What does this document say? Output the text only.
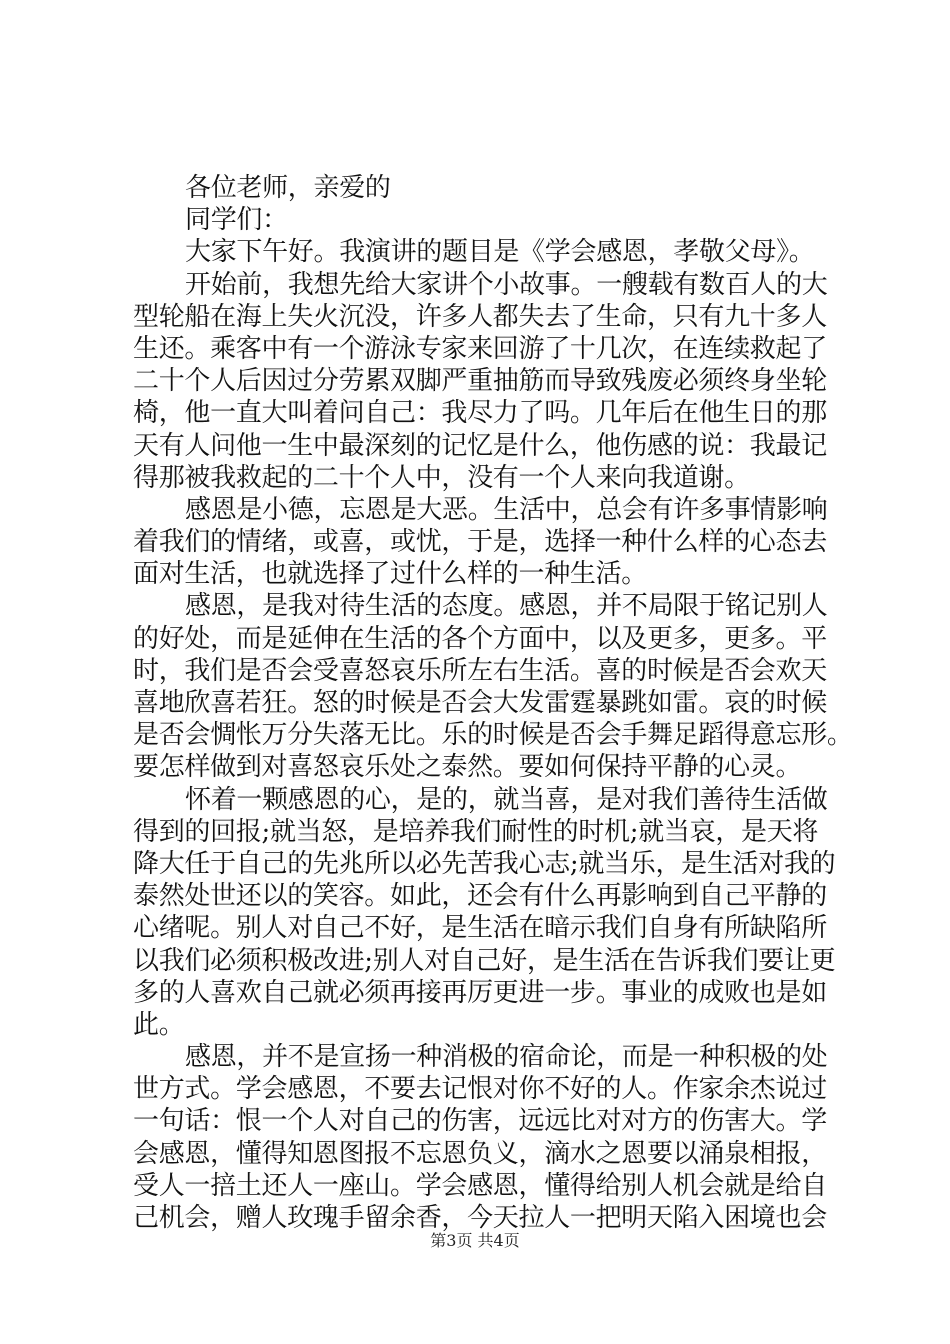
各位老师，亲爱的
同学们：
大家下午好。我演讲的题目是《学会感恩，孝敬父母》。
开始前，我想先给大家讲个小故事。一艘载有数百人的大
型轮船在海上失火沉没，许多人都失去了生命，只有九十多人
生还。乘客中有一个游泳专家来回游了十几次，在连续救起了
二十个人后因过分劳累双脚严重抽筋而导致残废必须终身坐轮
椅，他一直大叫着问自己：我尽力了吗。几年后在他生日的那
天有人问他一生中最深刻的记忆是什么，他伤感的说：我最记
得那被我救起的二十个人中，没有一个人来向我道谢。
感恩是小德，忘恩是大恶。生活中，总会有许多事情影响
着我们的情绪，或喜，或忧，于是，选择一种什么样的心态去
面对生活，也就选择了过什么样的一种生活。
感恩，是我对待生活的态度。感恩，并不局限于铭记别人
的好处，而是延伸在生活的各个方面中，以及更多，更多。平
时，我们是否会受喜怒哀乐所左右生活。喜的时候是否会欢天
喜地欣喜若狂。怒的时候是否会大发雷霆暴跳如雷。哀的时候
是否会惆怅万分失落无比。乐的时候是否会手舞足蹈得意忘形。
要怎样做到对喜怒哀乐处之泰然。要如何保持平静的心灵。
怀着一颗感恩的心，是的，就当喜，是对我们善待生活做
得到的回报;就当怒，是培养我们耐性的时机;就当哀，是天将
降大任于自己的先兆所以必先苦我心志;就当乐，是生活对我的
泰然处世还以的笑容。如此，还会有什么再影响到自己平静的
心绪呢。别人对自己不好，是生活在暗示我们自身有所缺陷所
以我们必须积极改进;别人对自己好，是生活在告诉我们要让更
多的人喜欢自己就必须再接再厉更进一步。事业的成败也是如
此。
感恩，并不是宣扬一种消极的宿命论，而是一种积极的处
世方式。学会感恩，不要去记恨对你不好的人。作家余杰说过
一句话：恨一个人对自己的伤害，远远比对对方的伤害大。学
会感恩，懂得知恩图报不忘恩负义，滴水之恩要以涌泉相报，
受人一掊土还人一座山。学会感恩，懂得给别人机会就是给自
己机会，赠人玫瑰手留余香，今天拉人一把明天陷入困境也会
第3页 共4页
